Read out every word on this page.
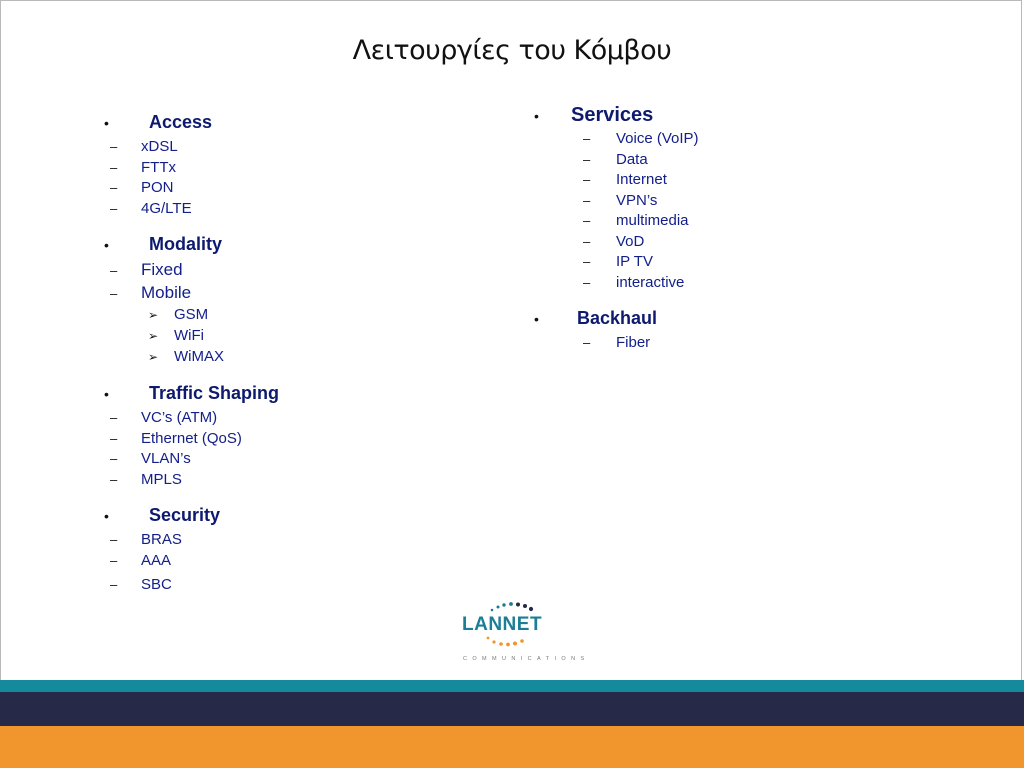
Λειτουργίες του Κόμβου
•	Access
–	xDSL
–	FTTx
–	PON
–	4G/LTE
•	Modality
–	Fixed
–	Mobile
➢	GSM
➢	WiFi
➢	WiMAX
•	Traffic Shaping
–	VC’s (ATM)
–	Ethernet (QoS)
–	VLAN’s
–	MPLS
•	Security
–	BRAS
–	AAA
–	SBC
•	Services
–	Voice (VoIP)
–	Data
–	Internet
–	VPN’s
–	multimedia
–	VoD
–	IP TV
–	interactive
•	Backhaul
–	Fiber
LANNET
COMMUNICATIONS
